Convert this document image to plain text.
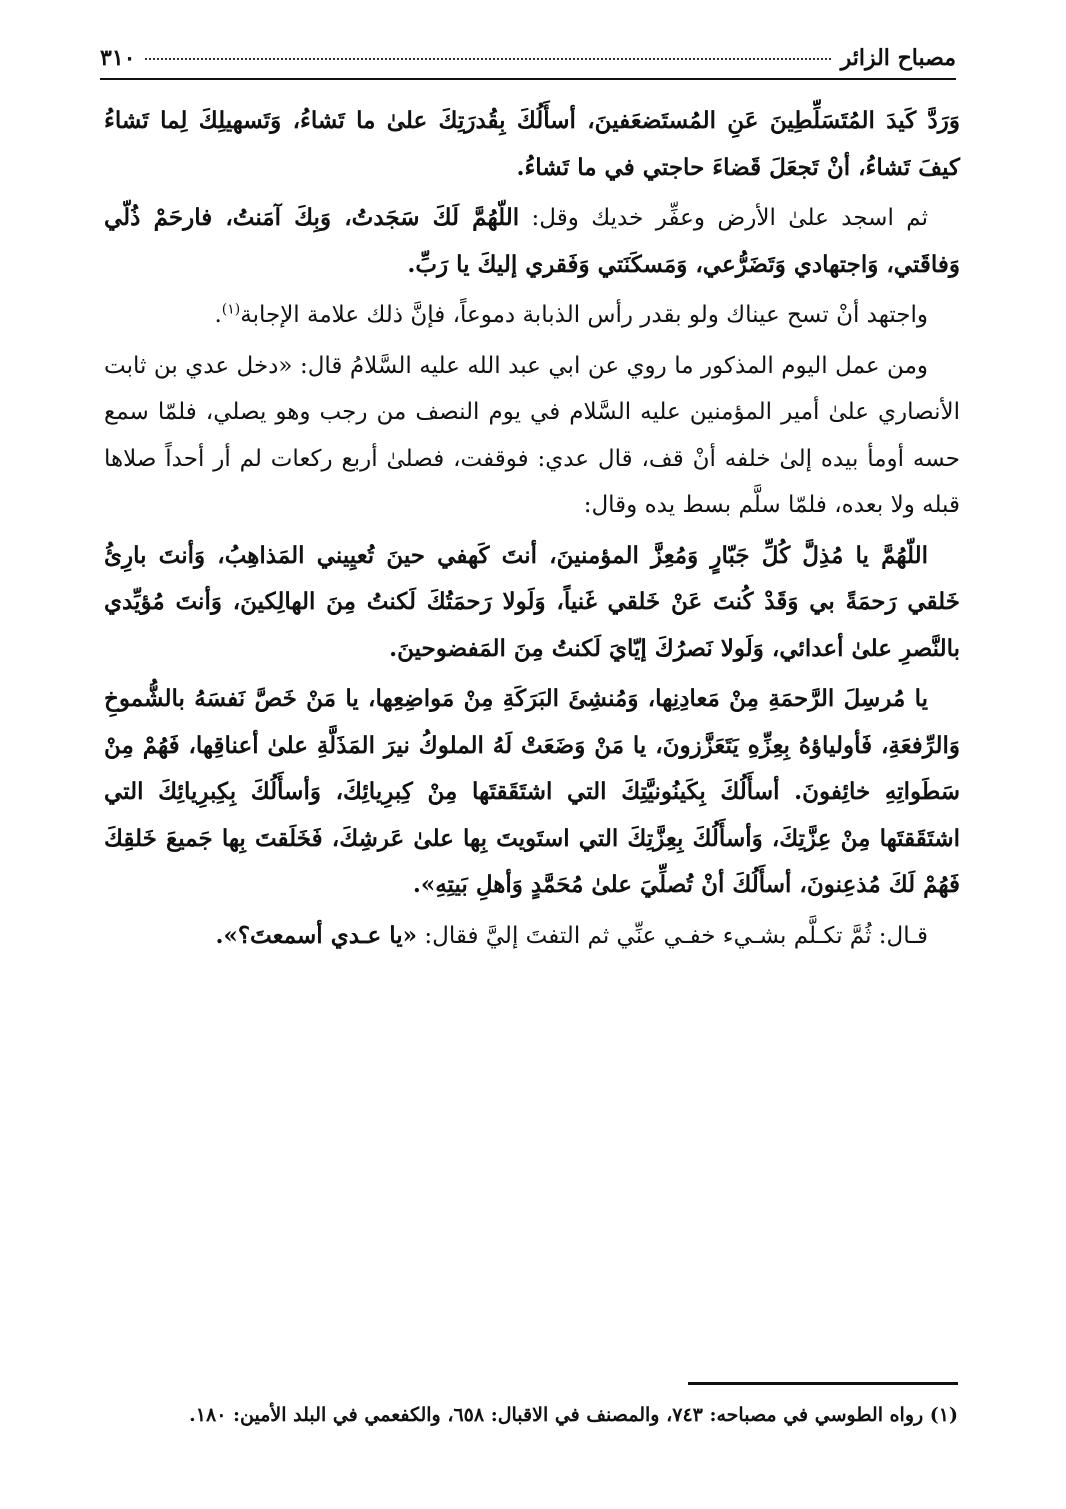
مصباح الزائر
٣١٠

وَرَدَّ كَيدَ المُتَسَلِّطِينَ عَنِ المُستَضعَفينَ، أسأَلُكَ بِقُدرَتِكَ علىٰ ما تَشاءُ، وَتَسهيلِكَ لِما تَشاءُ كيفَ تَشاءُ، أنْ تَجعَلَ قَضاءَ حاجتي في ما تَشاءُ.

ثم اسجد علىٰ الأرض وعفِّر خديك وقل: اللّهُمَّ لَكَ سَجَدتُ، وَبِكَ آمَنتُ، فارحَمْ ذُلّي وَفاقَتي، وَاجتهادي وَتَضَرُّعي، وَمَسكَنَتي وَفَقري إليكَ يا رَبِّ.

واجتهد أنْ تسح عيناك ولو بقدر رأس الذبابة دموعاً، فإنَّ ذلك علامة الإجابة$^{(١)}$.

ومن عمل اليوم المذكور ما روي عن ابي عبد الله عليه السَّلامُ قال: «دخل عدي بن ثابت الأنصاري علىٰ أمير المؤمنين عليه السَّلام في يوم النصف من رجب وهو يصلي، فلمّا سمع حسه أومأ بيده إلىٰ خلفه أنْ قف، قال عدي: فوقفت، فصلىٰ أربع ركعات لم أر أحداً صلاها قبله ولا بعده، فلمّا سلَّم بسط يده وقال:

اللّهُمَّ يا مُذِلَّ كُلِّ جَبّارٍ وَمُعِزَّ المؤمنينَ، أنتَ كَهفي حينَ تُعيِيني المَذاهِبُ، وَأنتَ بارِئُ خَلقي رَحمَةً بي وَقَدْ كُنتَ عَنْ خَلقي غَنياً، وَلَولا رَحمَتُكَ لَكنتُ مِنَ الهالِكينَ، وَأنتَ مُؤيِّدي بالنَّصرِ علىٰ أعدائي، وَلَولا نَصرُكَ إيّايَ لَكنتُ مِنَ المَفضوحينَ.

يا مُرسِلَ الرَّحمَةِ مِنْ مَعادِنِها، وَمُنشِئَ البَرَكَةِ مِنْ مَواضِعِها، يا مَنْ خَصَّ نَفسَهُ بالشُّموخِ وَالرِّفعَةِ، فَأولياؤهُ بِعِزِّهِ يَتَعَزَّزونَ، يا مَنْ وَضَعَتْ لَهُ الملوكُ نيرَ المَذَلَّةِ علىٰ أعناقِها، فَهُمْ مِنْ سَطَواتِهِ خائِفونَ. أسأَلُكَ بِكَينُونيَّتِكَ التي اشتَقَقتَها مِنْ كِبرِيائِكَ، وَأسأَلُكَ بِكِبرِيائِكَ التي اشتَقَقتَها مِنْ عِزَّتِكَ، وَأسأَلُكَ بِعِزَّتِكَ التي استَويتَ بِها علىٰ عَرشِكَ، فَخَلَقتَ بِها جَميعَ خَلقِكَ فَهُمْ لَكَ مُذعِنونَ، أسأَلُكَ أنْ تُصلِّيَ علىٰ مُحَمَّدٍ وَأهلِ بَيتِهِ».

قـال: ثُمَّ تكـلَّم بشـيء خفـي عنِّي ثم التفتَ إليَّ فقال: «يا عـدي أسمعتَ؟».

(١) رواه الطوسي في مصباحه: ٧٤٣، والمصنف في الاقبال: ٦٥٨، والكفعمي في البلد الأمين: ١٨٠.
